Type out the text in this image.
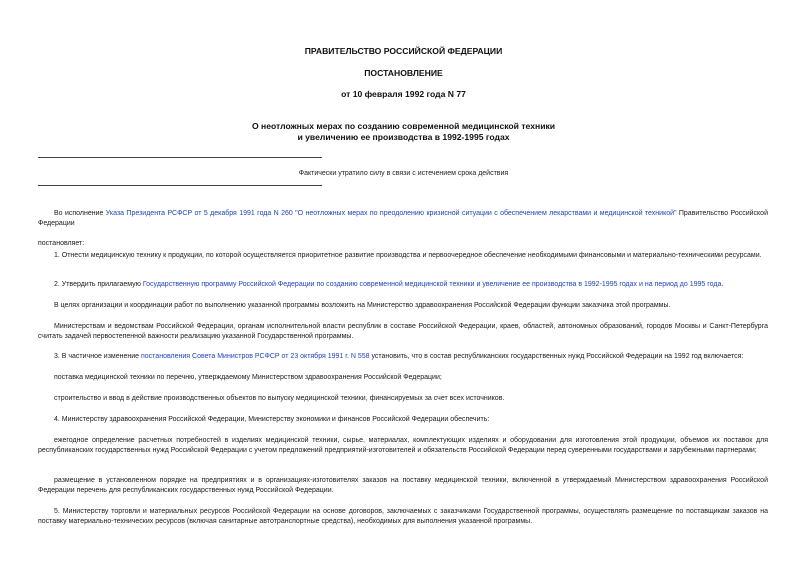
ПРАВИТЕЛЬСТВО РОССИЙСКОЙ ФЕДЕРАЦИИ
ПОСТАНОВЛЕНИЕ
от 10 февраля 1992 года N 77
О неотложных мерах по созданию современной медицинской техники
и увеличению ее производства в 1992-1995 годах
Фактически утратило силу в связи с истечением срока действия

Во исполнение Указа Президента РСФСР от 5 декабря 1991 года N 260 "О неотложных мерах по преодолению кризисной ситуации с обеспечением лекарствами и медицинской техникой" Правительство Российской Федерации

постановляет:

1. Отнести медицинскую технику к продукции, по которой осуществляется приоритетное развитие производства и первоочередное обеспечение необходимыми финансовыми и материально-техническими ресурсами.

2. Утвердить прилагаемую Государственную программу Российской Федерации по созданию современной медицинской техники и увеличение ее производства в 1992-1995 годах и на период до 1995 года.

В целях организации и координации работ по выполнению указанной программы возложить на Министерство здравоохранения Российской Федерации функции заказчика этой программы.

Министерствам и ведомствам Российской Федерации, органам исполнительной власти республик в составе Российской Федерации, краев, областей, автономных образований, городов Москвы и Санкт-Петербурга считать задачей первостепенной важности реализацию указанной Государственной программы.

3. В частичное изменение постановления Совета Министров РСФСР от 23 октября 1991 г. N 558 установить, что в состав республиканских государственных нужд Российской Федерации на 1992 год включается:

поставка медицинской техники по перечню, утверждаемому Министерством здравоохранения Российской Федерации;

строительство и ввод в действие производственных объектов по выпуску медицинской техники, финансируемых за счет всех источников.

4. Министерству здравоохранения Российской Федерации, Министерству экономики и финансов Российской Федерации обеспечить:

ежегодное определение расчетных потребностей в изделиях медицинской техники, сырье, материалах, комплектующих изделиях и оборудовании для изготовления этой продукции, объемов их поставок для республиканских государственных нужд Российской Федерации с учетом предложений предприятий-изготовителей и обязательств Российской Федерации перед суверенными государствами и зарубежными партнерами;

размещение в установленном порядке на предприятиях и в организациях-изготовителях заказов на поставку медицинской техники, включенной в утверждаемый Министерством здравоохранения Российской Федерации перечень для республиканских государственных нужд Российской Федерации.

5. Министерству торговли и материальных ресурсов Российской Федерации на основе договоров, заключаемых с заказчиками Государственной программы, осуществлять размещение по поставщикам заказов на поставку материально-технических ресурсов (включая санитарные автотранспортные средства), необходимых для выполнения указанной программы.
